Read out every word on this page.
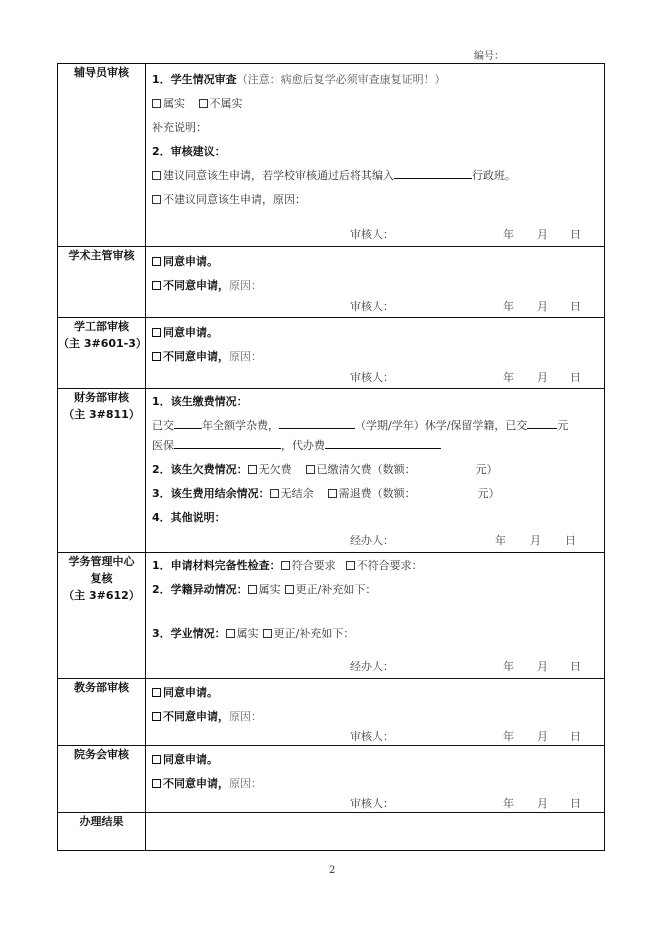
编号：
辅导员审核	
1．学生情况审查（注意：病愈后复学必须审查康复证明！）
属实 不属实
补充说明：
2．审核建议：
建议同意该生申请，若学校审核通过后将其编入	行政班。
不建议同意该生申请，原因：
审核人：	年 月 日

学术主管审核	同意申请。
不同意申请，原因：
审核人：	年 月 日

学工部审核
（主 3#601-3）

同意申请。
不同意申请，原因：
审核人：	年 月 日

财务部审核
（主 3#811）

1．该生缴费情况：
已交	年全额学杂费，	（学期/学年）休学/保留学籍，已交	元
医保	，代办费
2．该生欠费情况： 无欠费 已缴清欠费（数额：	元）
3．该生费用结余情况： 无结余 需退费（数额：	元）
4．其他说明：
经办人：	年 月 日

学务管理中心
复核
（主 3#612）

1．申请材料完备性检查： 符合要求 不符合要求：
2．学籍异动情况： 属实 更正/补充如下：
3．学业情况： 属实 更正/补充如下：
经办人：	年 月 日

教务部审核	同意申请。
不同意申请，原因：
审核人：	年 月 日

院务会审核	同意申请。
不同意申请，原因：
审核人：	年 月 日

办理结果	
2
